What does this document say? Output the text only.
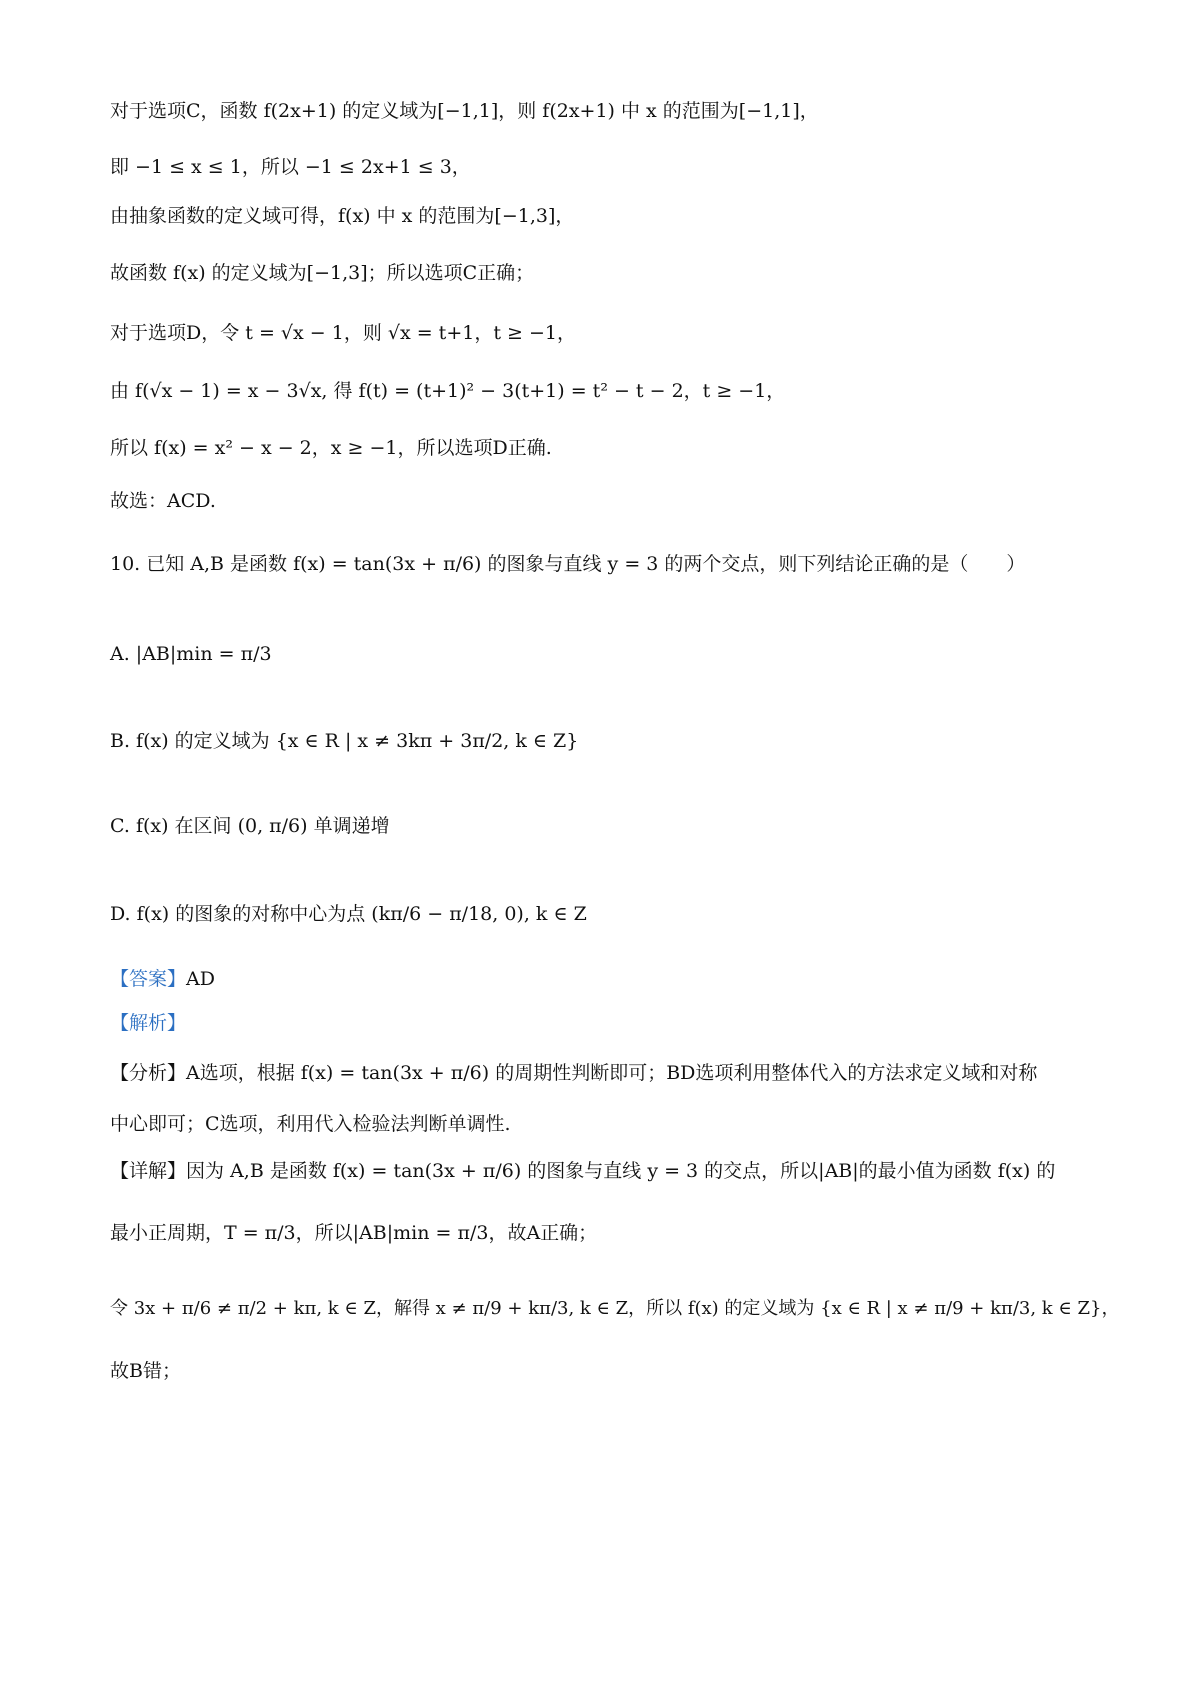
对于选项C，函数 f(2x+1) 的定义域为[−1,1]，则 f(2x+1) 中 x 的范围为[−1,1]，
即 −1 ≤ x ≤ 1，所以 −1 ≤ 2x+1 ≤ 3，
由抽象函数的定义域可得，f(x) 中 x 的范围为[−1,3]，
故函数 f(x) 的定义域为[−1,3]；所以选项C正确；
对于选项D，令 t = √x − 1，则 √x = t+1，t ≥ −1，
由 f(√x − 1) = x − 3√x, 得 f(t) = (t+1)² − 3(t+1) = t² − t − 2，t ≥ −1，
所以 f(x) = x² − x − 2，x ≥ −1，所以选项D正确.
故选：ACD.
10. 已知 A,B 是函数 f(x) = tan(3x + π/6) 的图象与直线 y = 3 的两个交点，则下列结论正确的是（　　）
A. |AB|min = π/3
B. f(x) 的定义域为 {x ∈ R | x ≠ 3kπ + 3π/2, k ∈ Z}
C. f(x) 在区间 (0, π/6) 单调递增
D. f(x) 的图象的对称中心为点 (kπ/6 − π/18, 0), k ∈ Z
【答案】AD
【解析】
【分析】A选项，根据 f(x) = tan(3x + π/6) 的周期性判断即可；BD选项利用整体代入的方法求定义域和对称
中心即可；C选项，利用代入检验法判断单调性.
【详解】因为 A,B 是函数 f(x) = tan(3x + π/6) 的图象与直线 y = 3 的交点，所以|AB|的最小值为函数 f(x) 的
最小正周期，T = π/3，所以|AB|min = π/3，故A正确；
令 3x + π/6 ≠ π/2 + kπ, k ∈ Z，解得 x ≠ π/9 + kπ/3, k ∈ Z，所以 f(x) 的定义域为 {x ∈ R | x ≠ π/9 + kπ/3, k ∈ Z}，
故B错；
